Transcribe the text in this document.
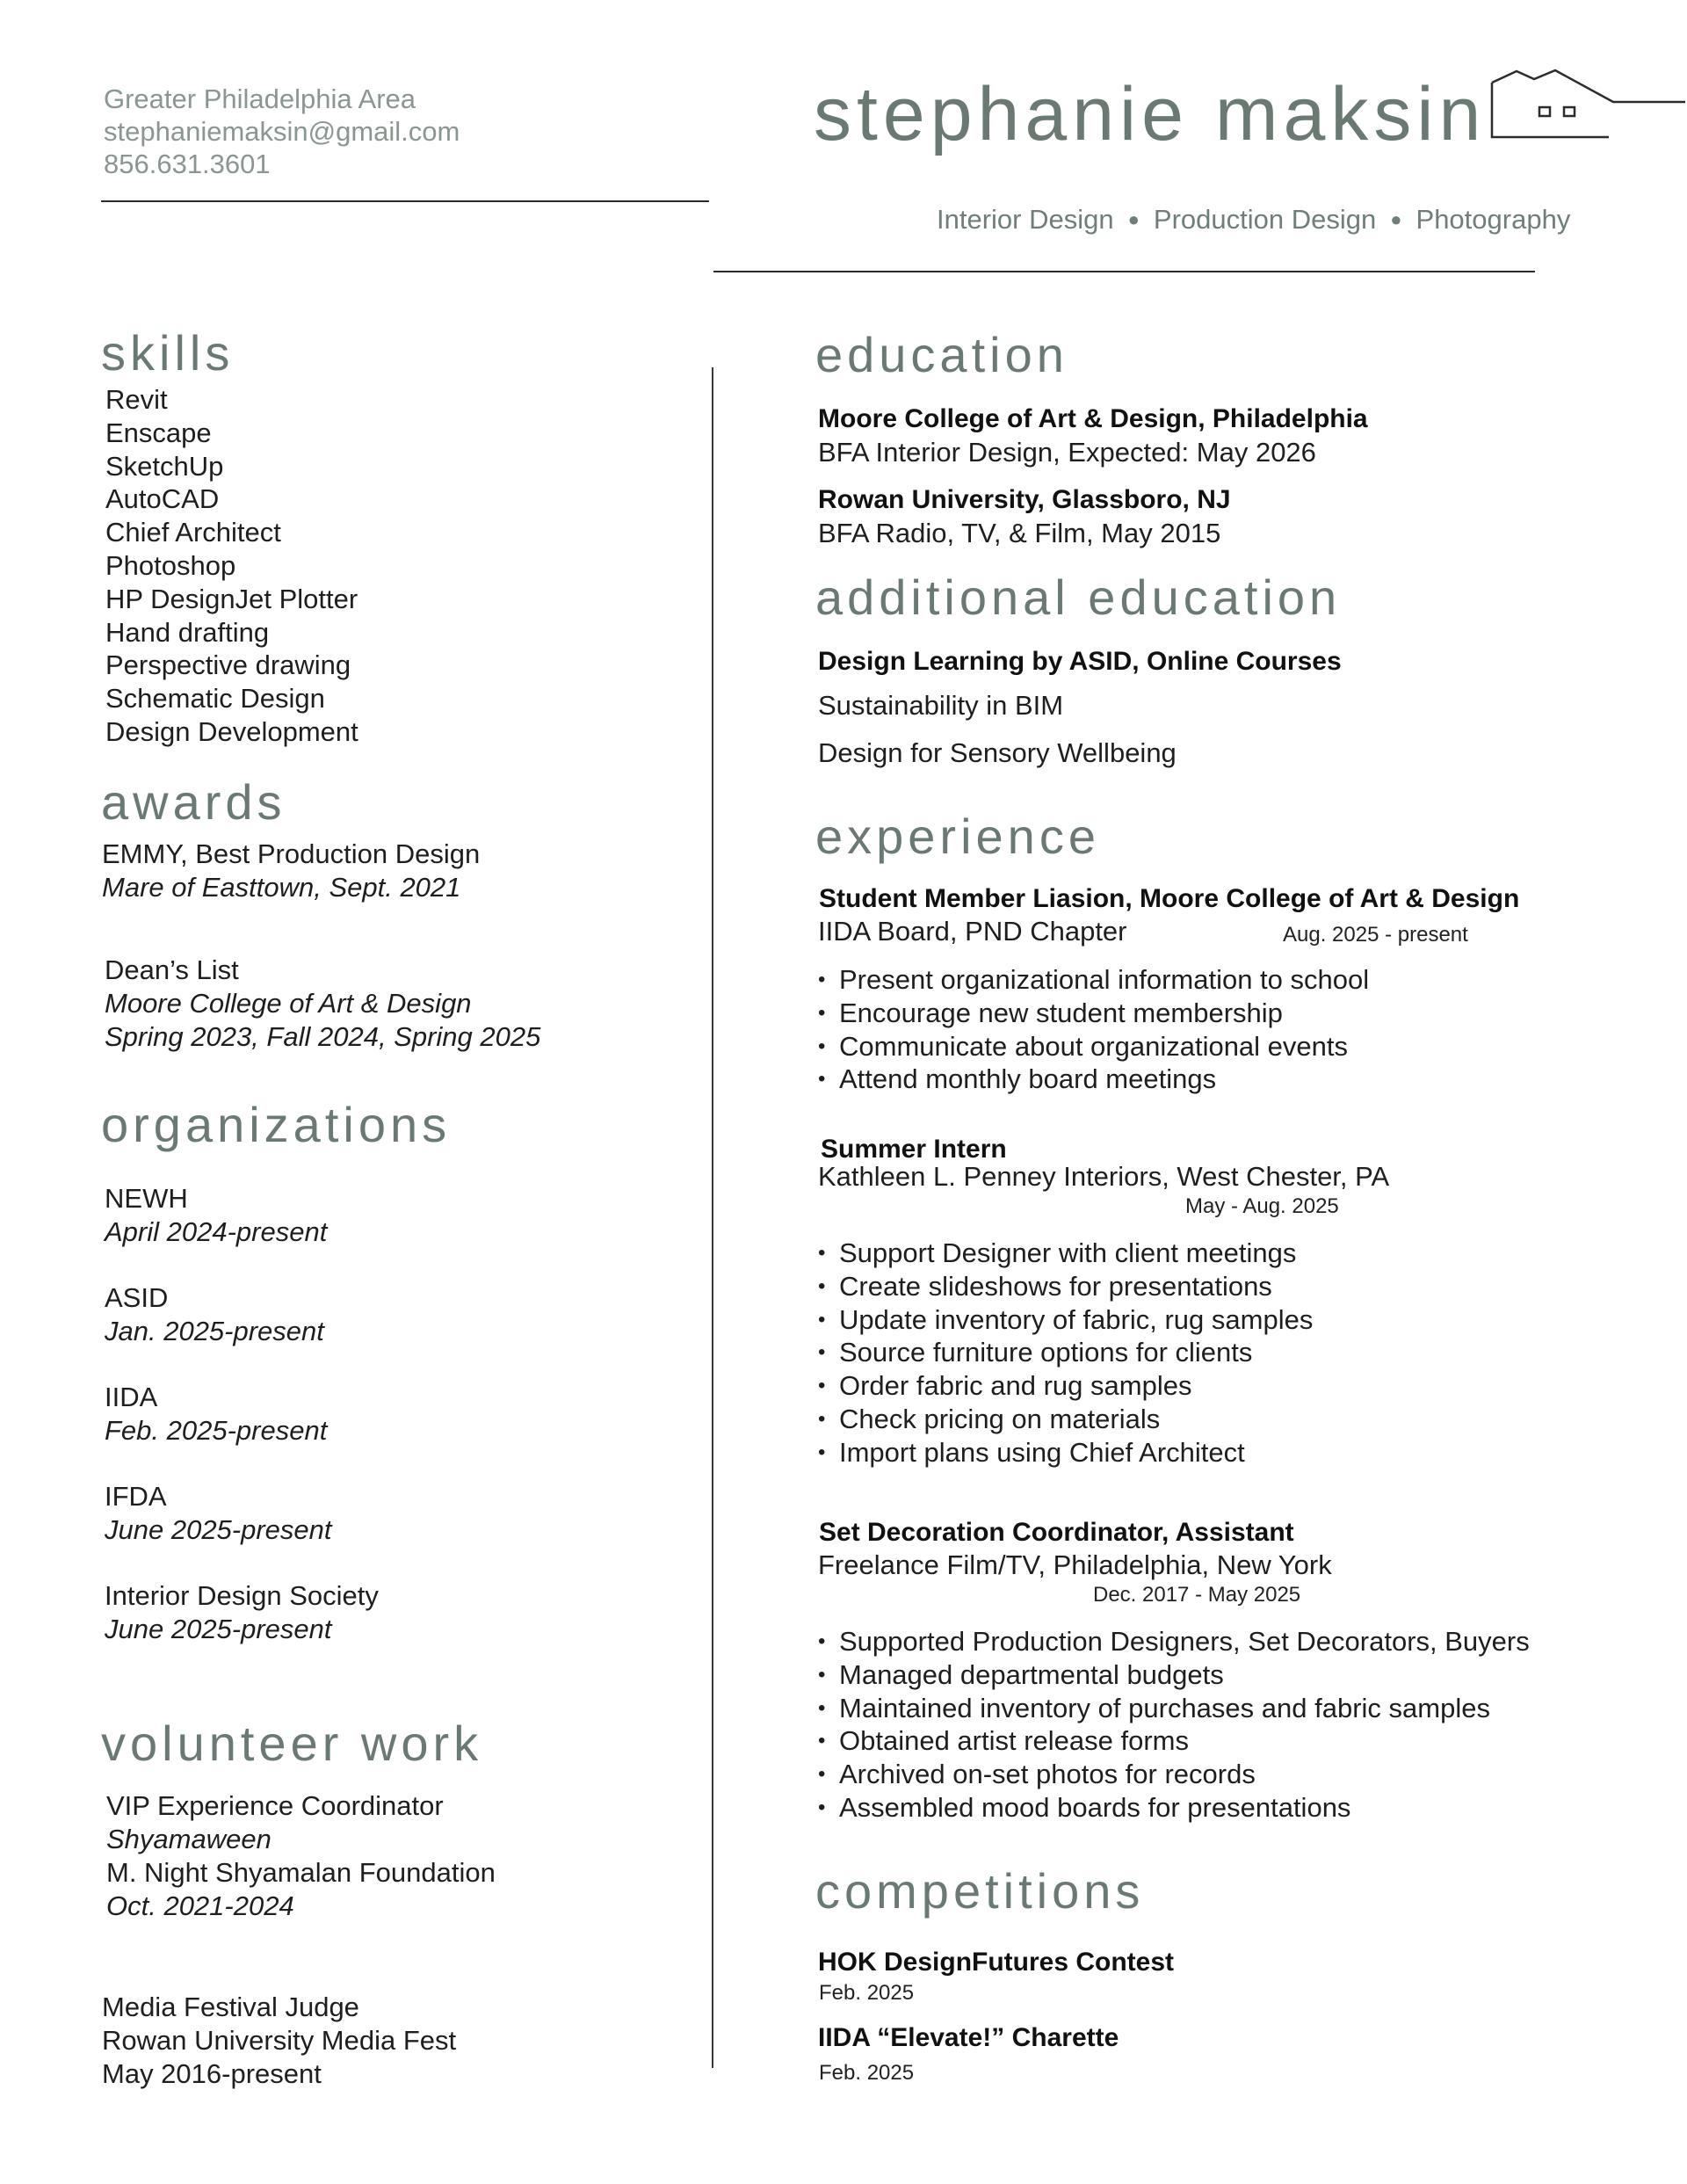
Greater Philadelphia Area
stephaniemaksin@gmail.com
856.631.3601
stephanie maksin
Interior Design ● Production Design ● Photography
skills
Revit
Enscape
SketchUp
AutoCAD
Chief Architect
Photoshop
HP DesignJet Plotter
Hand drafting
Perspective drawing
Schematic Design
Design Development
awards
EMMY, Best Production Design
Mare of Easttown, Sept. 2021
Dean’s List
Moore College of Art & Design
Spring 2023, Fall 2024, Spring 2025
organizations
NEWH
April 2024-present
ASID
Jan. 2025-present
IIDA
Feb. 2025-present
IFDA
June 2025-present
Interior Design Society
June 2025-present
volunteer work
VIP Experience Coordinator
Shyamaween
M. Night Shyamalan Foundation
Oct. 2021-2024
Media Festival Judge
Rowan University Media Fest
May 2016-present
education
Moore College of Art & Design, Philadelphia
BFA Interior Design, Expected: May 2026
Rowan University, Glassboro, NJ
BFA Radio, TV, & Film, May 2015
additional education
Design Learning by ASID, Online Courses
Sustainability in BIM
Design for Sensory Wellbeing
experience
Student Member Liasion, Moore College of Art & Design
IIDA Board, PND Chapter	Aug. 2025 - present
• Present organizational information to school
• Encourage new student membership
• Communicate about organizational events
• Attend monthly board meetings
Summer Intern
Kathleen L. Penney Interiors, West Chester, PA
May - Aug. 2025
• Support Designer with client meetings
• Create slideshows for presentations
• Update inventory of fabric, rug samples
• Source furniture options for clients
• Order fabric and rug samples
• Check pricing on materials
• Import plans using Chief Architect
Set Decoration Coordinator, Assistant
Freelance Film/TV, Philadelphia, New York
Dec. 2017 - May 2025
• Supported Production Designers, Set Decorators, Buyers
• Managed departmental budgets
• Maintained inventory of purchases and fabric samples
• Obtained artist release forms
• Archived on-set photos for records
• Assembled mood boards for presentations
competitions
HOK DesignFutures Contest
Feb. 2025
IIDA “Elevate!” Charette
Feb. 2025
